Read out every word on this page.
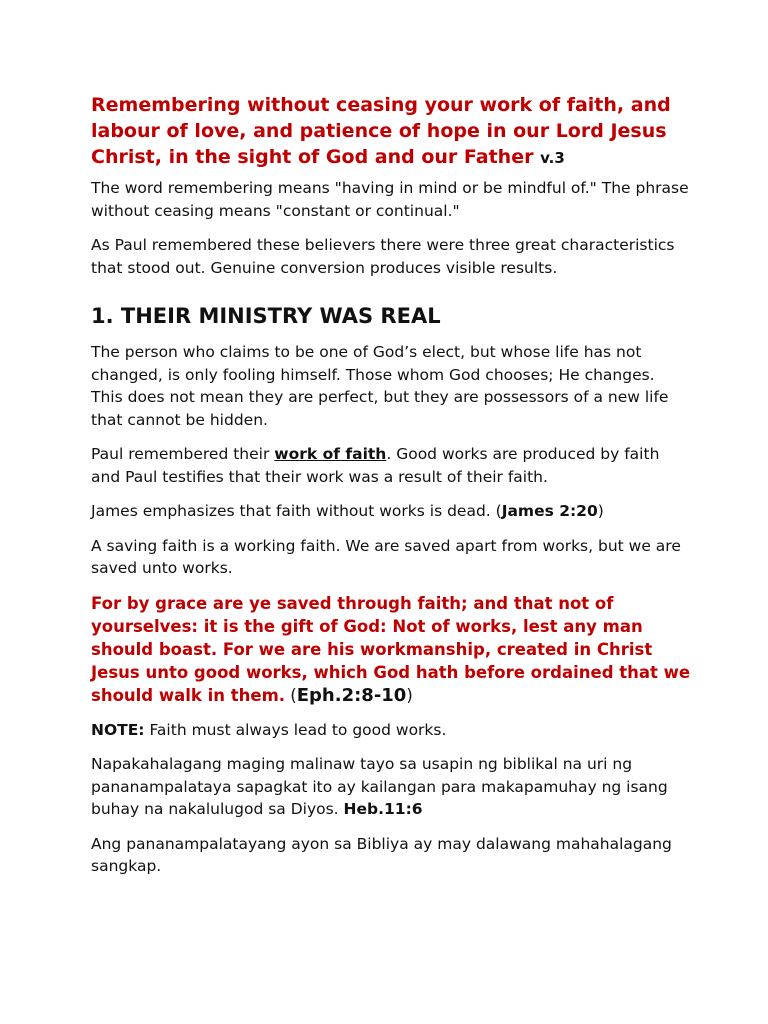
Remembering without ceasing your work of faith, and labour of love, and patience of hope in our Lord Jesus Christ, in the sight of God and our Father v.3

The word remembering means "having in mind or be mindful of." The phrase without ceasing means "constant or continual."

As Paul remembered these believers there were three great characteristics that stood out. Genuine conversion produces visible results.

1. THEIR MINISTRY WAS REAL

The person who claims to be one of God’s elect, but whose life has not changed, is only fooling himself. Those whom God chooses; He changes. This does not mean they are perfect, but they are possessors of a new life that cannot be hidden.

Paul remembered their work of faith. Good works are produced by faith and Paul testifies that their work was a result of their faith.

James emphasizes that faith without works is dead. (James 2:20)

A saving faith is a working faith. We are saved apart from works, but we are saved unto works.

For by grace are ye saved through faith; and that not of yourselves: it is the gift of God: Not of works, lest any man should boast. For we are his workmanship, created in Christ Jesus unto good works, which God hath before ordained that we should walk in them. (Eph.2:8-10)

NOTE: Faith must always lead to good works.

Napakahalagang maging malinaw tayo sa usapin ng biblikal na uri ng pananampalataya sapagkat ito ay kailangan para makapamuhay ng isang buhay na nakalulugod sa Diyos. Heb.11:6

Ang pananampalatayang ayon sa Bibliya ay may dalawang mahahalagang sangkap.
